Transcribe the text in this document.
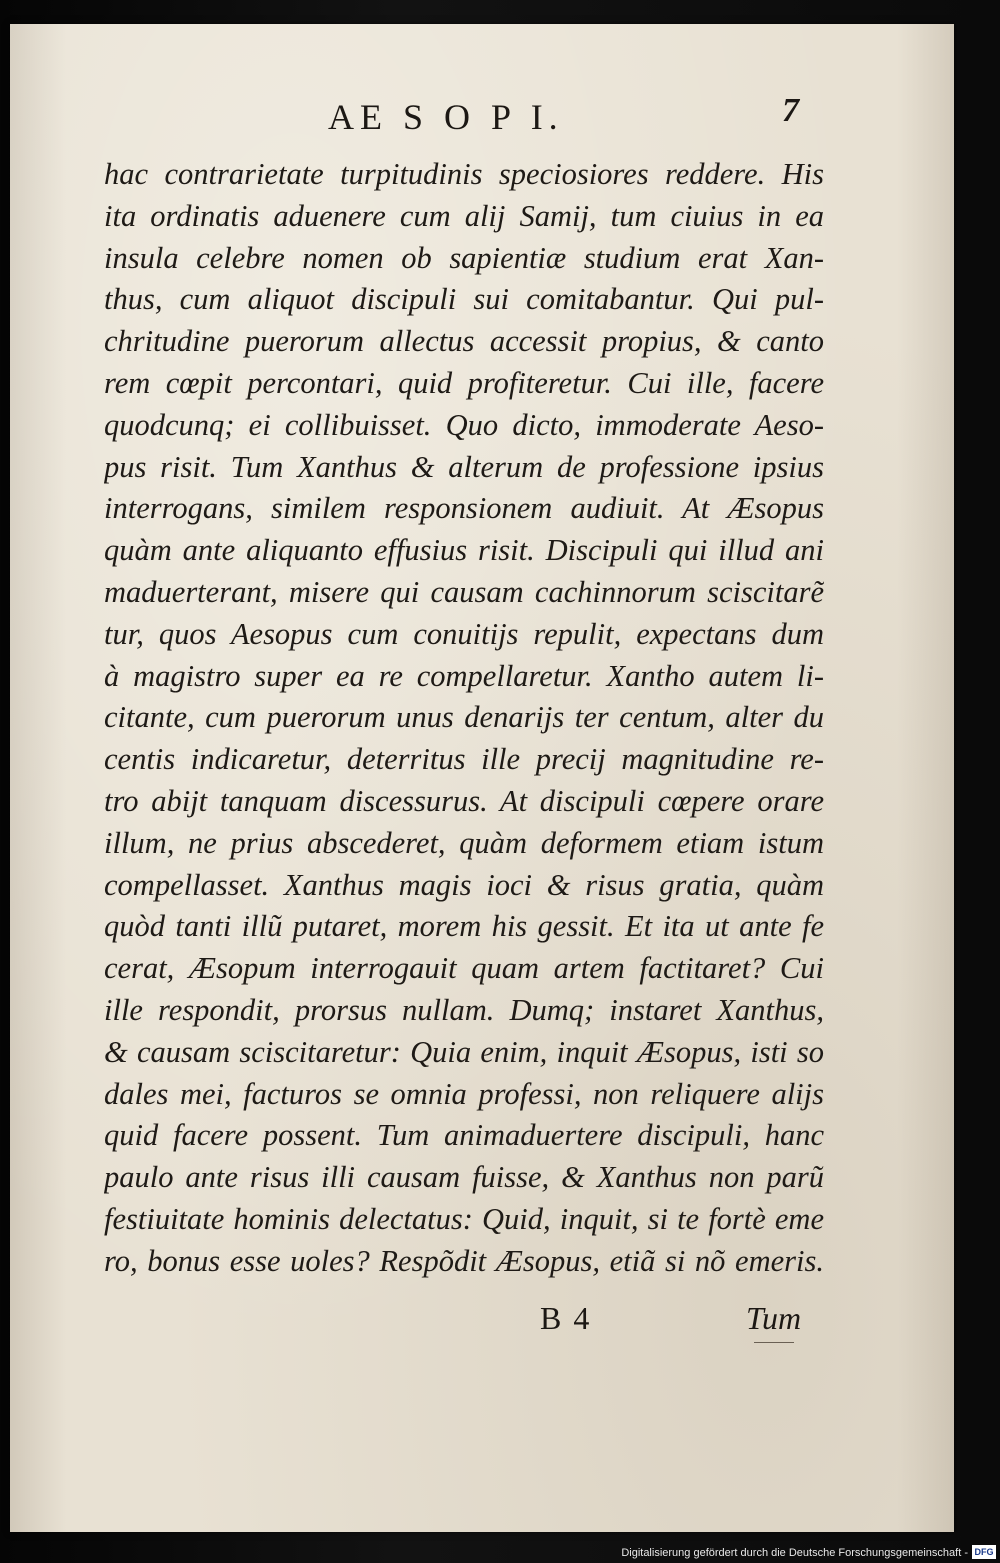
AE S O P I.	7
hac contrarietate turpitudinis speciosiores reddere. His
ita ordinatis aduenere cum alij Samij, tum ciuius in ea
insula celebre nomen ob sapientiæ studium erat Xan-
thus, cum aliquot discipuli sui comitabantur. Qui pul-
chritudine puerorum allectus accessit propius, & canto
rem cœpit percontari, quid profiteretur. Cui ille, facere
quodcunq; ei collibuisset. Quo dicto, immoderate Aeso-
pus risit. Tum Xanthus & alterum de professione ipsius
interrogans, similem responsionem audiuit. At Æsopus
quàm ante aliquanto effusius risit. Discipuli qui illud ani
maduerterant, misere qui causam cachinnorum sciscitarẽ
tur, quos Aesopus cum conuitijs repulit, expectans dum
à magistro super ea re compellaretur. Xantho autem li-
citante, cum puerorum unus denarijs ter centum, alter du
centis indicaretur, deterritus ille precij magnitudine re-
tro abijt tanquam discessurus. At discipuli cœpere orare
illum, ne prius abscederet, quàm deformem etiam istum
compellasset. Xanthus magis ioci & risus gratia, quàm
quòd tanti illũ putaret, morem his gessit. Et ita ut ante fe
cerat, Æsopum interrogauit quam artem factitaret? Cui
ille respondit, prorsus nullam. Dumq; instaret Xanthus,
& causam sciscitaretur: Quia enim, inquit Æsopus, isti so
dales mei, facturos se omnia professi, non reliquere alijs
quid facere possent. Tum animaduertere discipuli, hanc
paulo ante risus illi causam fuisse, & Xanthus non parũ
festiuitate hominis delectatus: Quid, inquit, si te fortè eme
ro, bonus esse uoles? Respõdit Æsopus, etiã si nõ emeris.
B 4	Tum
Digitalisierung gefördert durch die Deutsche Forschungsgemeinschaft - DFG
